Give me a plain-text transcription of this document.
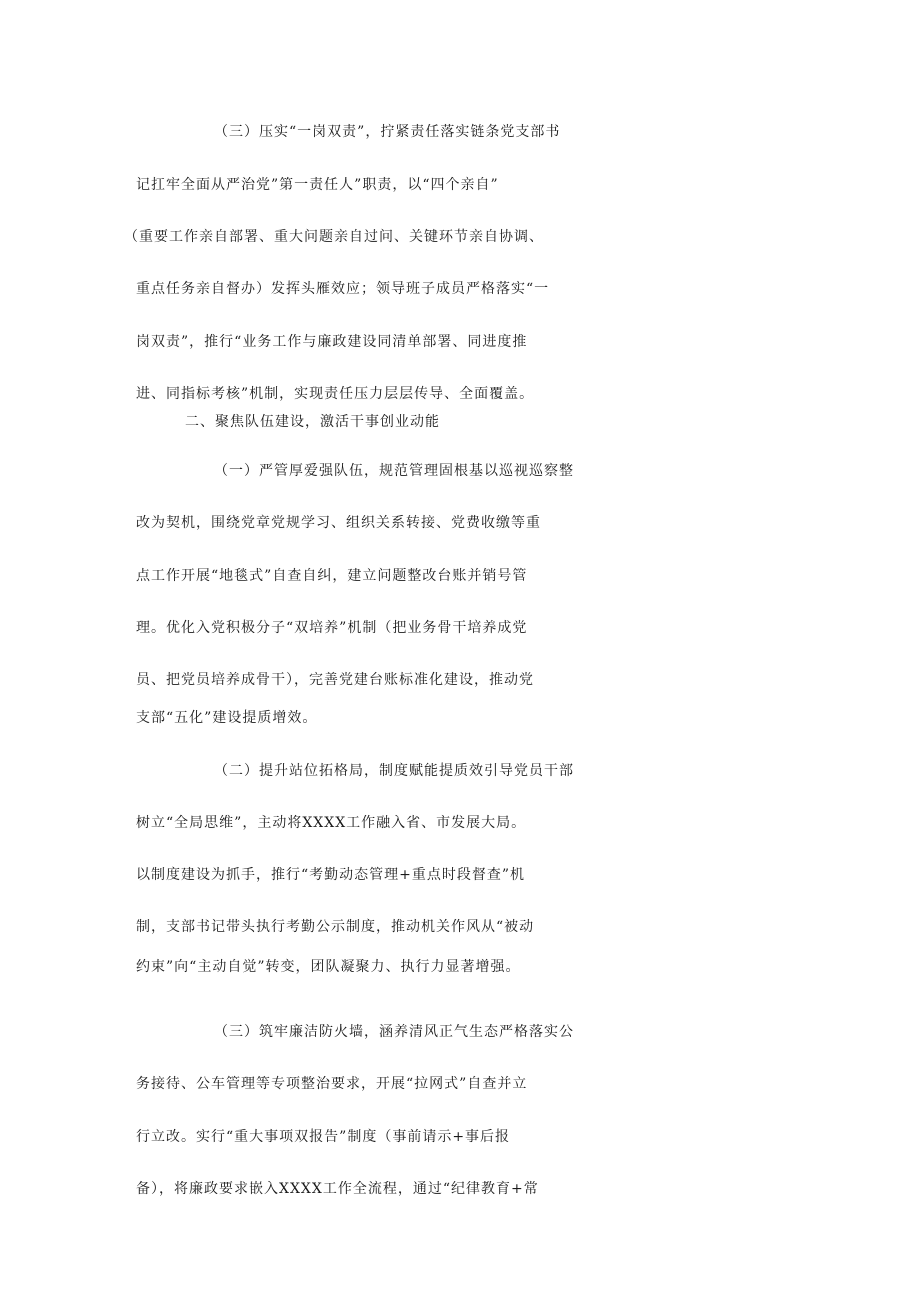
（三）压实“一岗双责”，拧紧责任落实链条党支部书
记扛牢全面从严治党”第一责任人”职责，以“四个亲自”
（重要工作亲自部署、重大问题亲自过问、关键环节亲自协调、
重点任务亲自督办）发挥头雁效应；领导班子成员严格落实“一
岗双责”，推行“业务工作与廉政建设同清单部署、同进度推
进、同指标考核”机制，实现责任压力层层传导、全面覆盖。
二、聚焦队伍建设，激活干事创业动能
（一）严管厚爱强队伍，规范管理固根基以巡视巡察整
改为契机，围绕党章党规学习、组织关系转接、党费收缴等重
点工作开展“地毯式”自查自纠，建立问题整改台账并销号管
理。优化入党积极分子“双培养”机制（把业务骨干培养成党
员、把党员培养成骨干），完善党建台账标准化建设，推动党
支部“五化”建设提质增效。
（二）提升站位拓格局，制度赋能提质效引导党员干部
树立“全局思维”，主动将XXXX工作融入省、市发展大局。
以制度建设为抓手，推行“考勤动态管理+重点时段督查”机
制，支部书记带头执行考勤公示制度，推动机关作风从“被动
约束”向“主动自觉”转变，团队凝聚力、执行力显著增强。
（三）筑牢廉洁防火墙，涵养清风正气生态严格落实公
务接待、公车管理等专项整治要求，开展“拉网式”自查并立
行立改。实行“重大事项双报告”制度（事前请示+事后报
备），将廉政要求嵌入XXXX工作全流程，通过“纪律教育+常
